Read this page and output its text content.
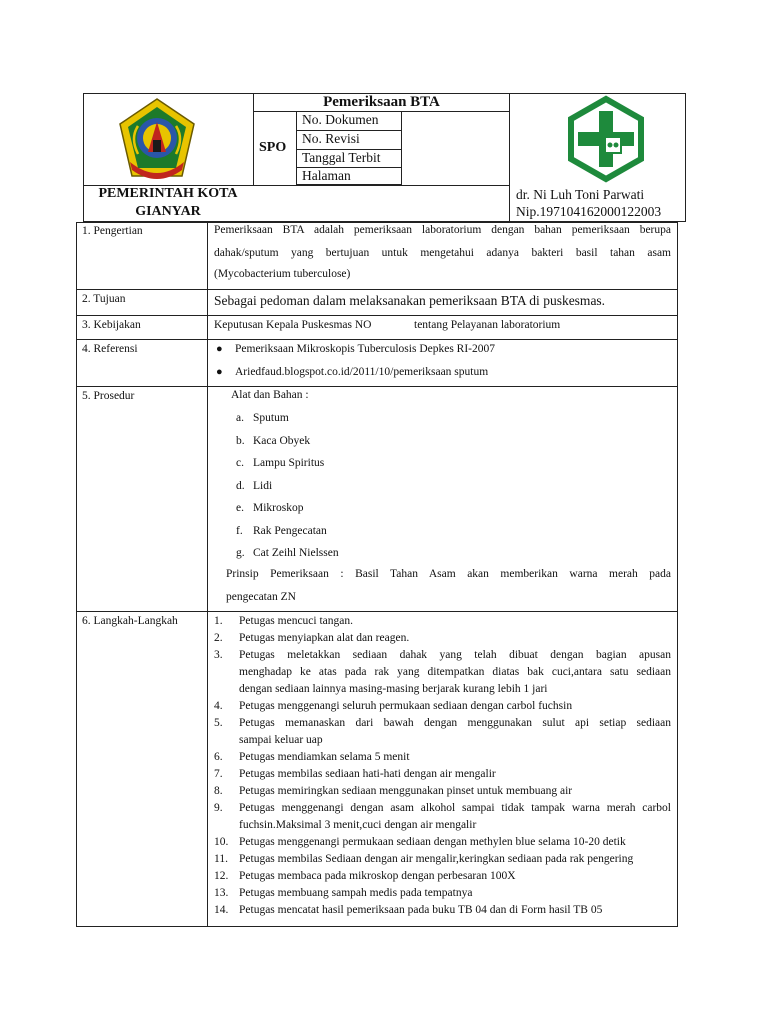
Pemeriksaan BTA
SPO
No. Dokumen
No. Revisi
Tanggal Terbit
Halaman
PEMERINTAH KOTA
GIANYAR
dr. Ni Luh Toni Parwati
Nip.197104162000122003
1. Pengertian
2. Tujuan
3. Kebijakan
4. Referensi
5. Prosedur
6. Langkah-Langkah
Pemeriksaan BTA adalah pemeriksaan laboratorium dengan bahan pemeriksaan berupa
dahak/sputum yang bertujuan untuk mengetahui adanya bakteri basil tahan asam
(Mycobacterium tuberculose)
Sebagai pedoman dalam melaksanakan pemeriksaan BTA di puskesmas.
Keputusan Kepala Puskesmas NO	tentang Pelayanan laboratorium
● Pemeriksaan Mikroskopis Tuberculosis Depkes RI-2007
● Ariedfaud.blogspot.co.id/2011/10/pemeriksaan sputum
Alat dan Bahan :
a. Sputum
b. Kaca Obyek
c. Lampu Spiritus
d. Lidi
e. Mikroskop
f. Rak Pengecatan
g. Cat Zeihl Nielssen
Prinsip Pemeriksaan : Basil Tahan Asam akan memberikan warna merah pada
pengecatan ZN
1. Petugas mencuci tangan.
2. Petugas menyiapkan alat dan reagen.
3. Petugas meletakkan sediaan dahak yang telah dibuat dengan bagian apusan
menghadap ke atas pada rak yang ditempatkan diatas bak cuci,antara satu sediaan
dengan sediaan lainnya masing-masing berjarak kurang lebih 1 jari
4. Petugas menggenangi seluruh permukaan sediaan dengan carbol fuchsin
5. Petugas memanaskan dari bawah dengan menggunakan sulut api setiap sediaan
sampai keluar uap
6. Petugas mendiamkan selama 5 menit
7. Petugas membilas sediaan hati-hati dengan air mengalir
8. Petugas memiringkan sediaan menggunakan pinset untuk membuang air
9. Petugas menggenangi dengan asam alkohol sampai tidak tampak warna merah carbol
fuchsin.Maksimal 3 menit,cuci dengan air mengalir
10. Petugas menggenangi permukaan sediaan dengan methylen blue selama 10-20 detik
11. Petugas membilas Sediaan dengan air mengalir,keringkan sediaan pada rak pengering
12. Petugas membaca pada mikroskop dengan perbesaran 100X
13. Petugas membuang sampah medis pada tempatnya
14. Petugas mencatat hasil pemeriksaan pada buku TB 04 dan di Form hasil TB 05
